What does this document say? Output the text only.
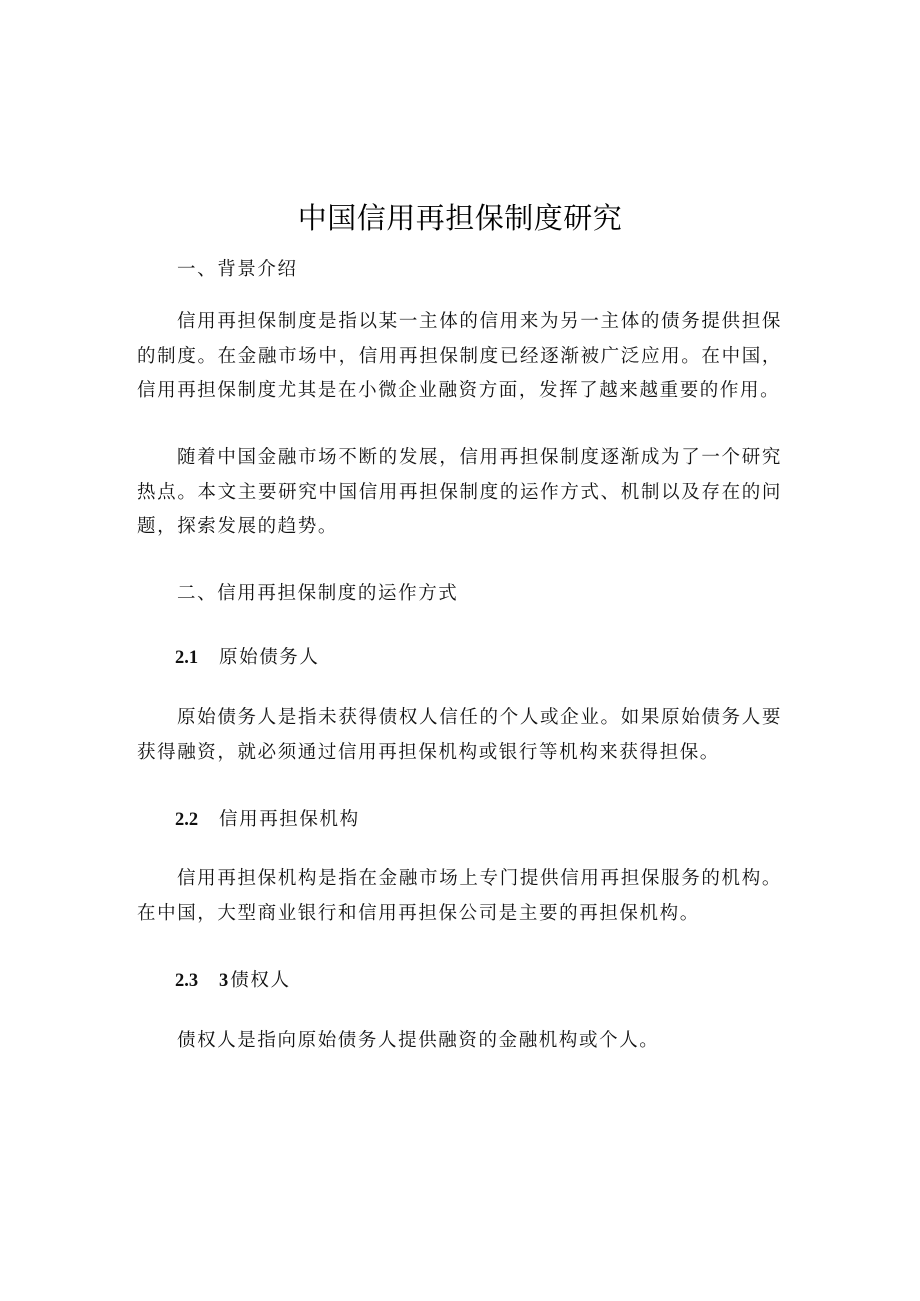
中国信用再担保制度研究
一、背景介绍
信用再担保制度是指以某一主体的信用来为另一主体的债务提供担保的制度。在金融市场中，信用再担保制度已经逐渐被广泛应用。在中国，信用再担保制度尤其是在小微企业融资方面，发挥了越来越重要的作用。
随着中国金融市场不断的发展，信用再担保制度逐渐成为了一个研究热点。本文主要研究中国信用再担保制度的运作方式、机制以及存在的问题，探索发展的趋势。
二、信用再担保制度的运作方式
2.1 原始债务人
原始债务人是指未获得债权人信任的个人或企业。如果原始债务人要获得融资，就必须通过信用再担保机构或银行等机构来获得担保。
2.2 信用再担保机构
信用再担保机构是指在金融市场上专门提供信用再担保服务的机构。在中国，大型商业银行和信用再担保公司是主要的再担保机构。
2.3 3 债权人
债权人是指向原始债务人提供融资的金融机构或个人。
